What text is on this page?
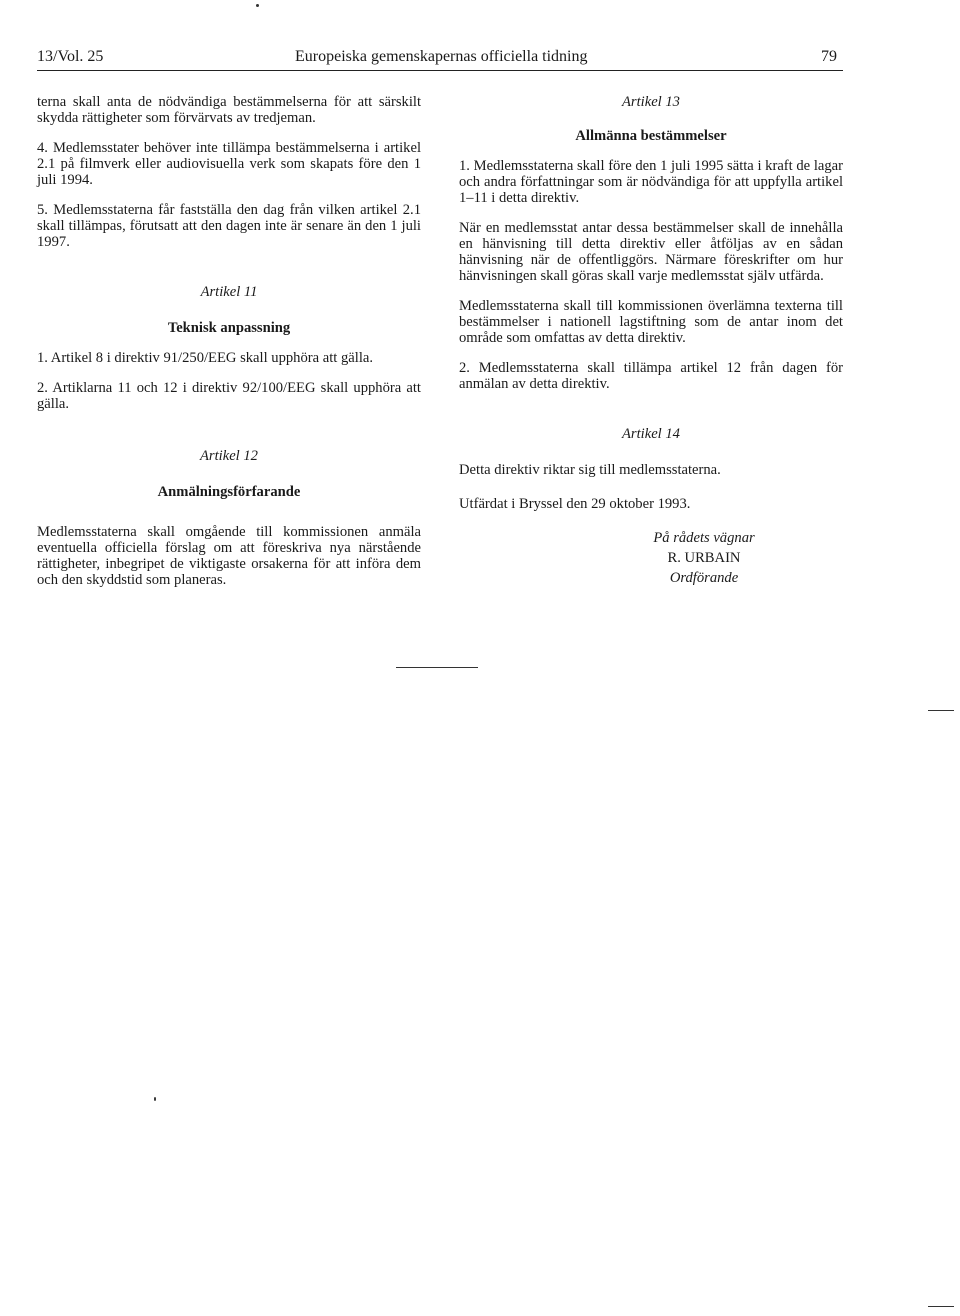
13/Vol. 25	Europeiska gemenskapernas officiella tidning	79

terna skall anta de nödvändiga bestämmelserna för att särskilt skydda rättigheter som förvärvats av tredjeman.

4. Medlemsstater behöver inte tillämpa bestämmelserna i artikel 2.1 på filmverk eller audiovisuella verk som skapats före den 1 juli 1994.

5. Medlemsstaterna får fastställa den dag från vilken artikel 2.1 skall tillämpas, förutsatt att den dagen inte är senare än den 1 juli 1997.

Artikel 11
Teknisk anpassning

1. Artikel 8 i direktiv 91/250/EEG skall upphöra att gälla.

2. Artiklarna 11 och 12 i direktiv 92/100/EEG skall upphöra att gälla.

Artikel 12
Anmälningsförfarande

Medlemsstaterna skall omgående till kommissionen anmäla eventuella officiella förslag om att föreskriva nya närstående rättigheter, inbegripet de viktigaste orsakerna för att införa dem och den skyddstid som planeras.

Artikel 13
Allmänna bestämmelser

1. Medlemsstaterna skall före den 1 juli 1995 sätta i kraft de lagar och andra författningar som är nödvändiga för att uppfylla artikel 1–11 i detta direktiv.

När en medlemsstat antar dessa bestämmelser skall de innehålla en hänvisning till detta direktiv eller åtföljas av en sådan hänvisning när de offentliggörs. Närmare föreskrifter om hur hänvisningen skall göras skall varje medlemsstat själv utfärda.

Medlemsstaterna skall till kommissionen överlämna texterna till bestämmelser i nationell lagstiftning som de antar inom det område som omfattas av detta direktiv.

2. Medlemsstaterna skall tillämpa artikel 12 från dagen för anmälan av detta direktiv.

Artikel 14

Detta direktiv riktar sig till medlemsstaterna.

Utfärdat i Bryssel den 29 oktober 1993.

På rådets vägnar
R. URBAIN
Ordförande
